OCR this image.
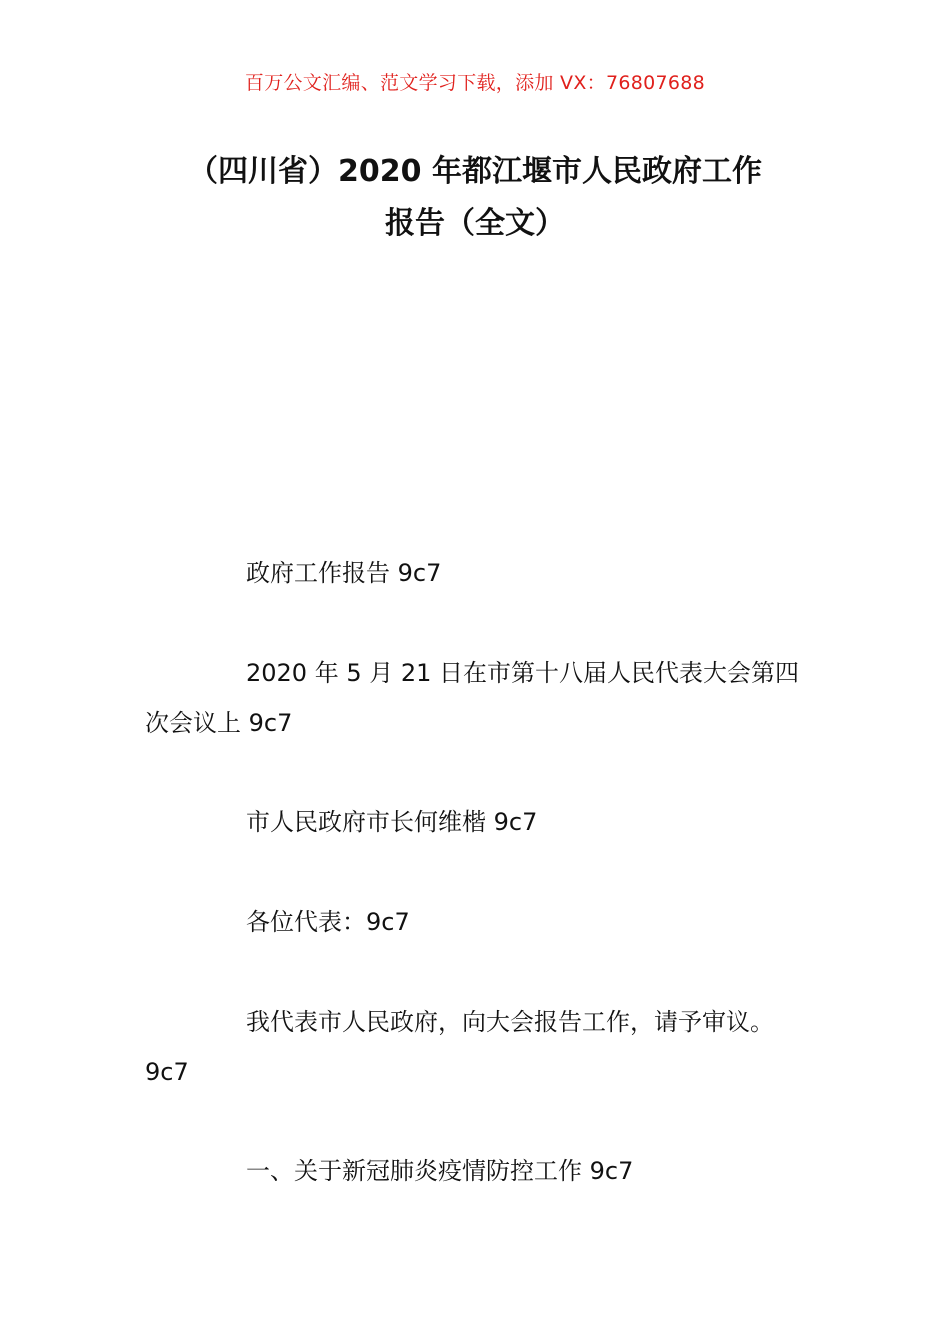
百万公文汇编、范文学习下载，添加 VX：76807688
（四川省）2020 年都江堰市人民政府工作
报告（全文）
政府工作报告 9c7
2020 年 5 月 21 日在市第十八届人民代表大会第四次会议上 9c7
市人民政府市长何维楷 9c7
各位代表：9c7
我代表市人民政府，向大会报告工作，请予审议。9c7
一、关于新冠肺炎疫情防控工作 9c7
